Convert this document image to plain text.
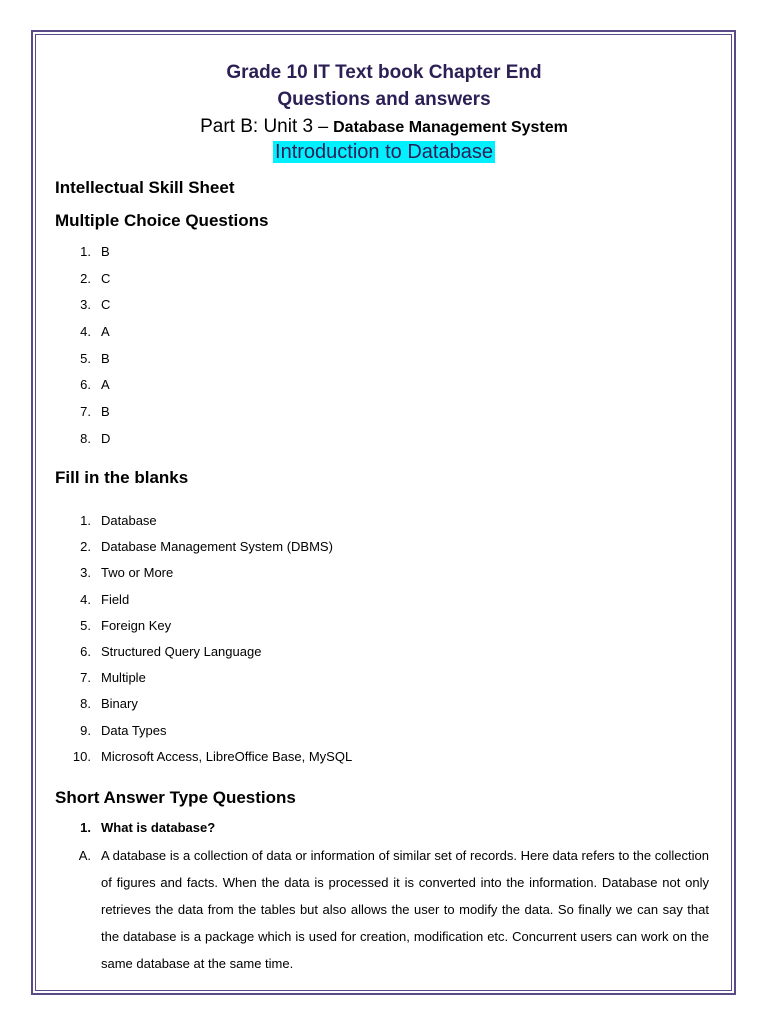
Grade 10 IT Text book Chapter End
Questions and answers
Part B: Unit 3 – Database Management System
Introduction to Database
Intellectual Skill Sheet
Multiple Choice Questions
1. B
2. C
3. C
4. A
5. B
6. A
7. B
8. D
Fill in the blanks
1. Database
2. Database Management System (DBMS)
3. Two or More
4. Field
5. Foreign Key
6. Structured Query Language
7. Multiple
8. Binary
9. Data Types
10. Microsoft Access, LibreOffice Base, MySQL
Short Answer Type Questions
1. What is database?
A. A database is a collection of data or information of similar set of records. Here data refers to the collection of figures and facts. When the data is processed it is converted into the information. Database not only retrieves the data from the tables but also allows the user to modify the data. So finally we can say that the database is a package which is used for creation, modification etc. Concurrent users can work on the same database at the same time.
